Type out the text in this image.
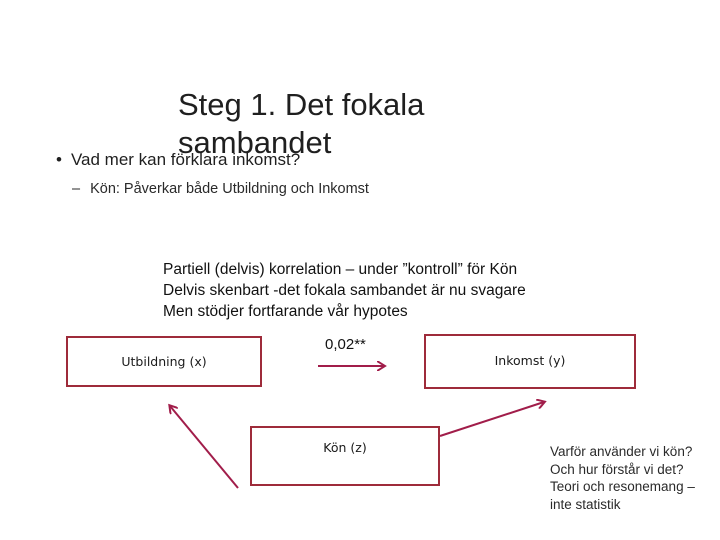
Steg 1. Det fokala sambandet
• Vad mer kan förklara inkomst?
– Kön: Påverkar både Utbildning och Inkomst
Partiell (delvis) korrelation – under ”kontroll” för Kön
Delvis skenbart -det fokala sambandet är nu svagare
Men stödjer fortfarande vår hypotes
Utbildning (x)	Inkomst (y)
Kön (z)
0,02**
Varför använder vi kön? Och hur förstår vi det? Teori och resonemang – inte statistik
